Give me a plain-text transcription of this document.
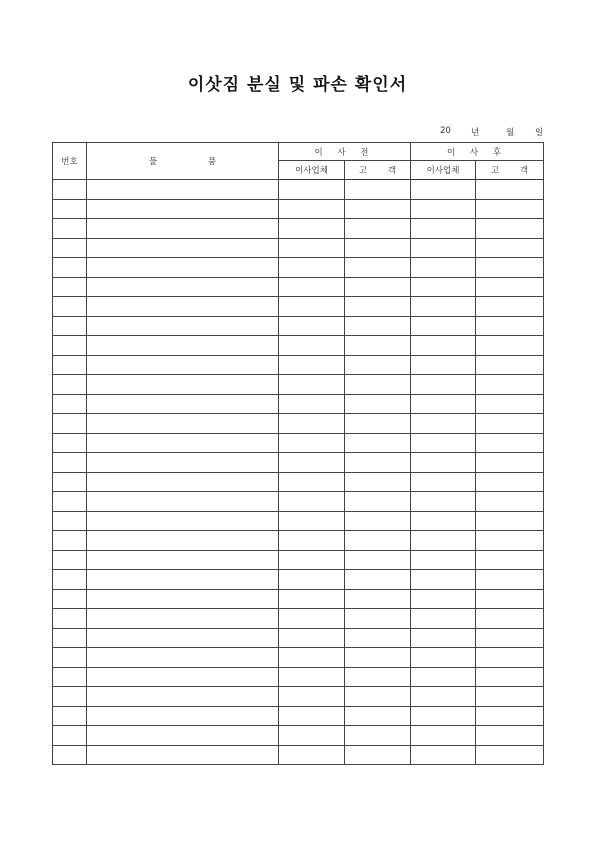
이삿짐 분실 및 파손 확인서
20 년	월 일
번호	물 품	이 사 전		이 사 후	
		이사업체	고 객	이사업체	고 객
